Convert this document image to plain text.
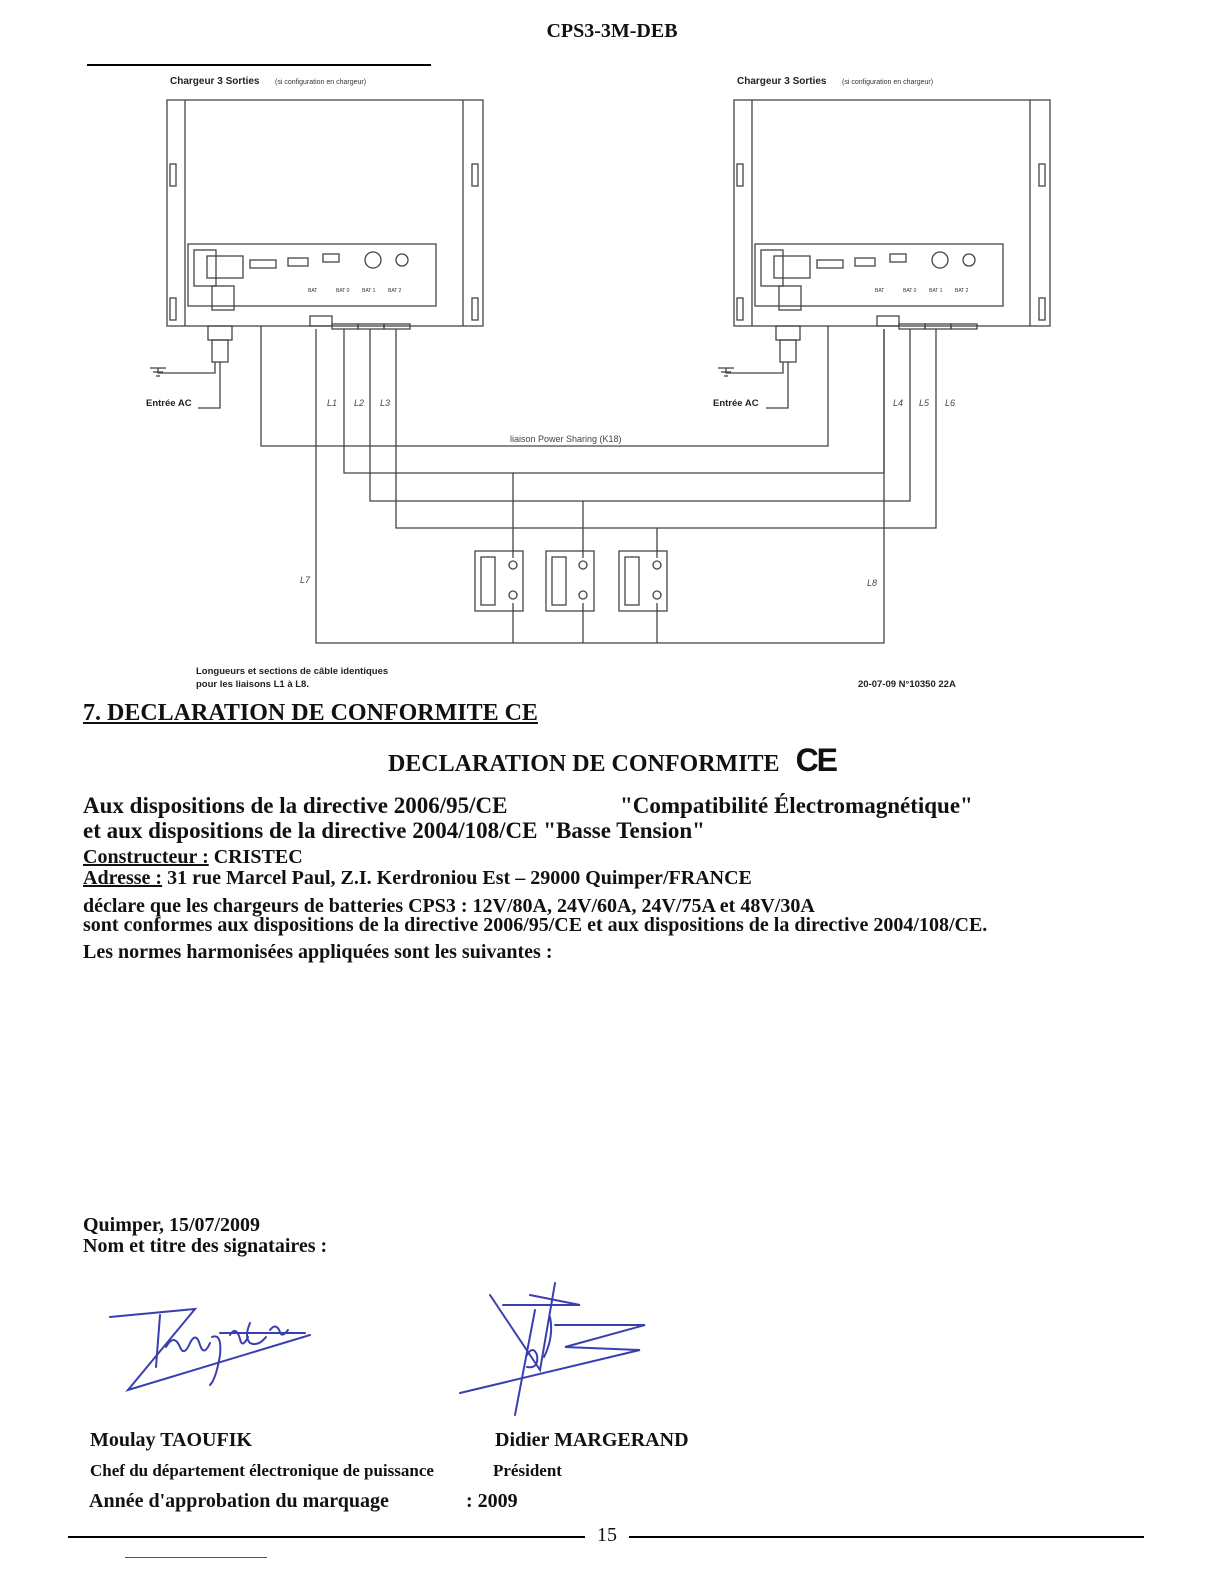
CPS3-3M-DEB
Chargeur 3 Sorties (si configuration en chargeur)	Chargeur 3 Sorties (si configuration en chargeur)
BAT	BAT 0	BAT 1	BAT 2	BAT	BAT 0	BAT 1	BAT 2
Entrée AC	Entrée AC
L1 L2 L3	L4 L5 L6
L7	L8
liaison Power Sharing (K18)
Longueurs et sections de câble identiques
pour les liaisons L1 à L8.	20-07-09 N°10350 22A
7. DECLARATION DE CONFORMITE CE
DECLARATION DE CONFORMITE CE
Aux dispositions de la directive 2006/95/CE	"Compatibilité Électromagnétique"
et aux dispositions de la directive 2004/108/CE "Basse Tension"
Constructeur : CRISTEC
Adresse : 31 rue Marcel Paul, Z.I. Kerdroniou Est – 29000 Quimper/FRANCE
déclare que les chargeurs de batteries CPS3 : 12V/80A, 24V/60A, 24V/75A et 48V/30A
sont conformes aux dispositions de la directive 2006/95/CE et aux dispositions de la directive 2004/108/CE.
Les normes harmonisées appliquées sont les suivantes :
Quimper, 15/07/2009
Nom et titre des signataires :
Moulay TAOUFIK	Didier MARGERAND
Chef du département électronique de puissance	Président
Année d'approbation du marquage	: 2009
15
